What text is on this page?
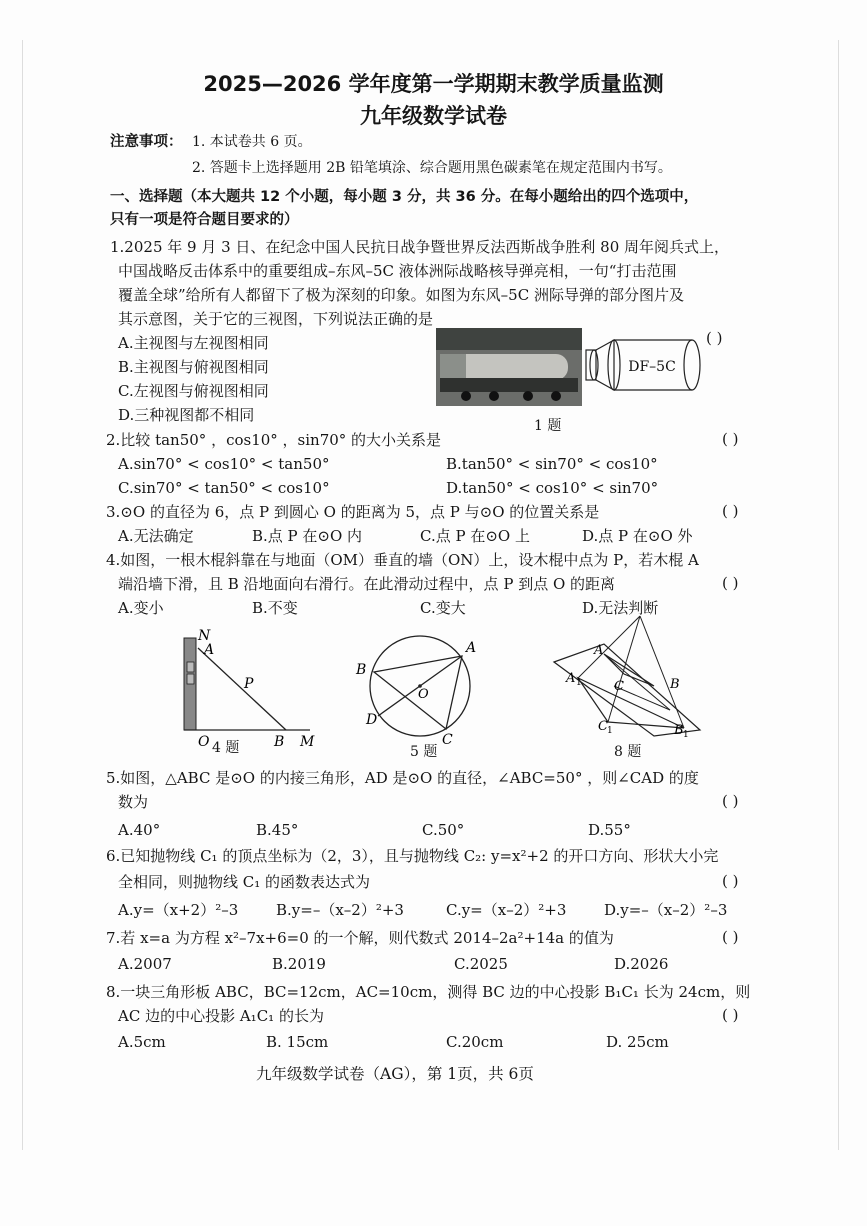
2025—2026 学年度第一学期期末教学质量监测
九年级数学试卷
注意事项： 1. 本试卷共 6 页。
2. 答题卡上选择题用 2B 铅笔填涂、综合题用黑色碳素笔在规定范围内书写。
一、选择题（本大题共 12 个小题，每小题 3 分，共 36 分。在每小题给出的四个选项中，
只有一项是符合题目要求的）
1.2025 年 9 月 3 日、在纪念中国人民抗日战争暨世界反法西斯战争胜利 80 周年阅兵式上，
中国战略反击体系中的重要组成–东风–5C 液体洲际战略核导弹亮相，一句“打击范围
覆盖全球”给所有人都留下了极为深刻的印象。如图为东风–5C 洲际导弹的部分图片及
其示意图，关于它的三视图，下列说法正确的是
( )
A.主视图与左视图相同
B.主视图与俯视图相同
C.左视图与俯视图相同
D.三种视图都不相同
DF–5C
1 题
2.比较 tan50° ，cos10° ，sin70° 的大小关系是	( )
A.sin70° < cos10° < tan50°	B.tan50° < sin70° < cos10°
C.sin70° < tan50° < cos10°	D.tan50° < cos10° < sin70°
3.⊙O 的直径为 6，点 P 到圆心 O 的距离为 5，点 P 与⊙O 的位置关系是	( )
A.无法确定	B.点 P 在⊙O 内	C.点 P 在⊙O 上	D.点 P 在⊙O 外
4.如图，一根木棍斜靠在与地面（OM）垂直的墙（ON）上，设木棍中点为 P，若木棍 A
端沿墙下滑，且 B 沿地面向右滑行。在此滑动过程中，点 P 到点 O 的距离	( )
A.变小	B.不变	C.变大	D.无法判断
N
A
P
O	B M
4 题
A
B
O
D
C
5 题
A
A 1 C	B
C 1	B 1
8 题
5.如图，△ABC 是⊙O 的内接三角形，AD 是⊙O 的直径，∠ABC=50° ，则∠CAD 的度
数为	( )
A.40°	B.45°	C.50°	D.55°
6.已知抛物线 C₁ 的顶点坐标为（2，3），且与抛物线 C₂: y=x²+2 的开口方向、形状大小完
全相同，则抛物线 C₁ 的函数表达式为	( )
A.y=（x+2）²–3	B.y=–（x–2）²+3	C.y=（x–2）²+3	D.y=–（x–2）²–3
7.若 x=a 为方程 x²–7x+6=0 的一个解，则代数式 2014–2a²+14a 的值为	( )
A.2007	B.2019	C.2025	D.2026
8.一块三角形板 ABC，BC=12cm，AC=10cm，测得 BC 边的中心投影 B₁C₁ 长为 24cm，则
AC 边的中心投影 A₁C₁ 的长为	( )
A.5cm	B. 15cm	C.20cm	D. 25cm
九年级数学试卷（AG），第 1页，共 6页
